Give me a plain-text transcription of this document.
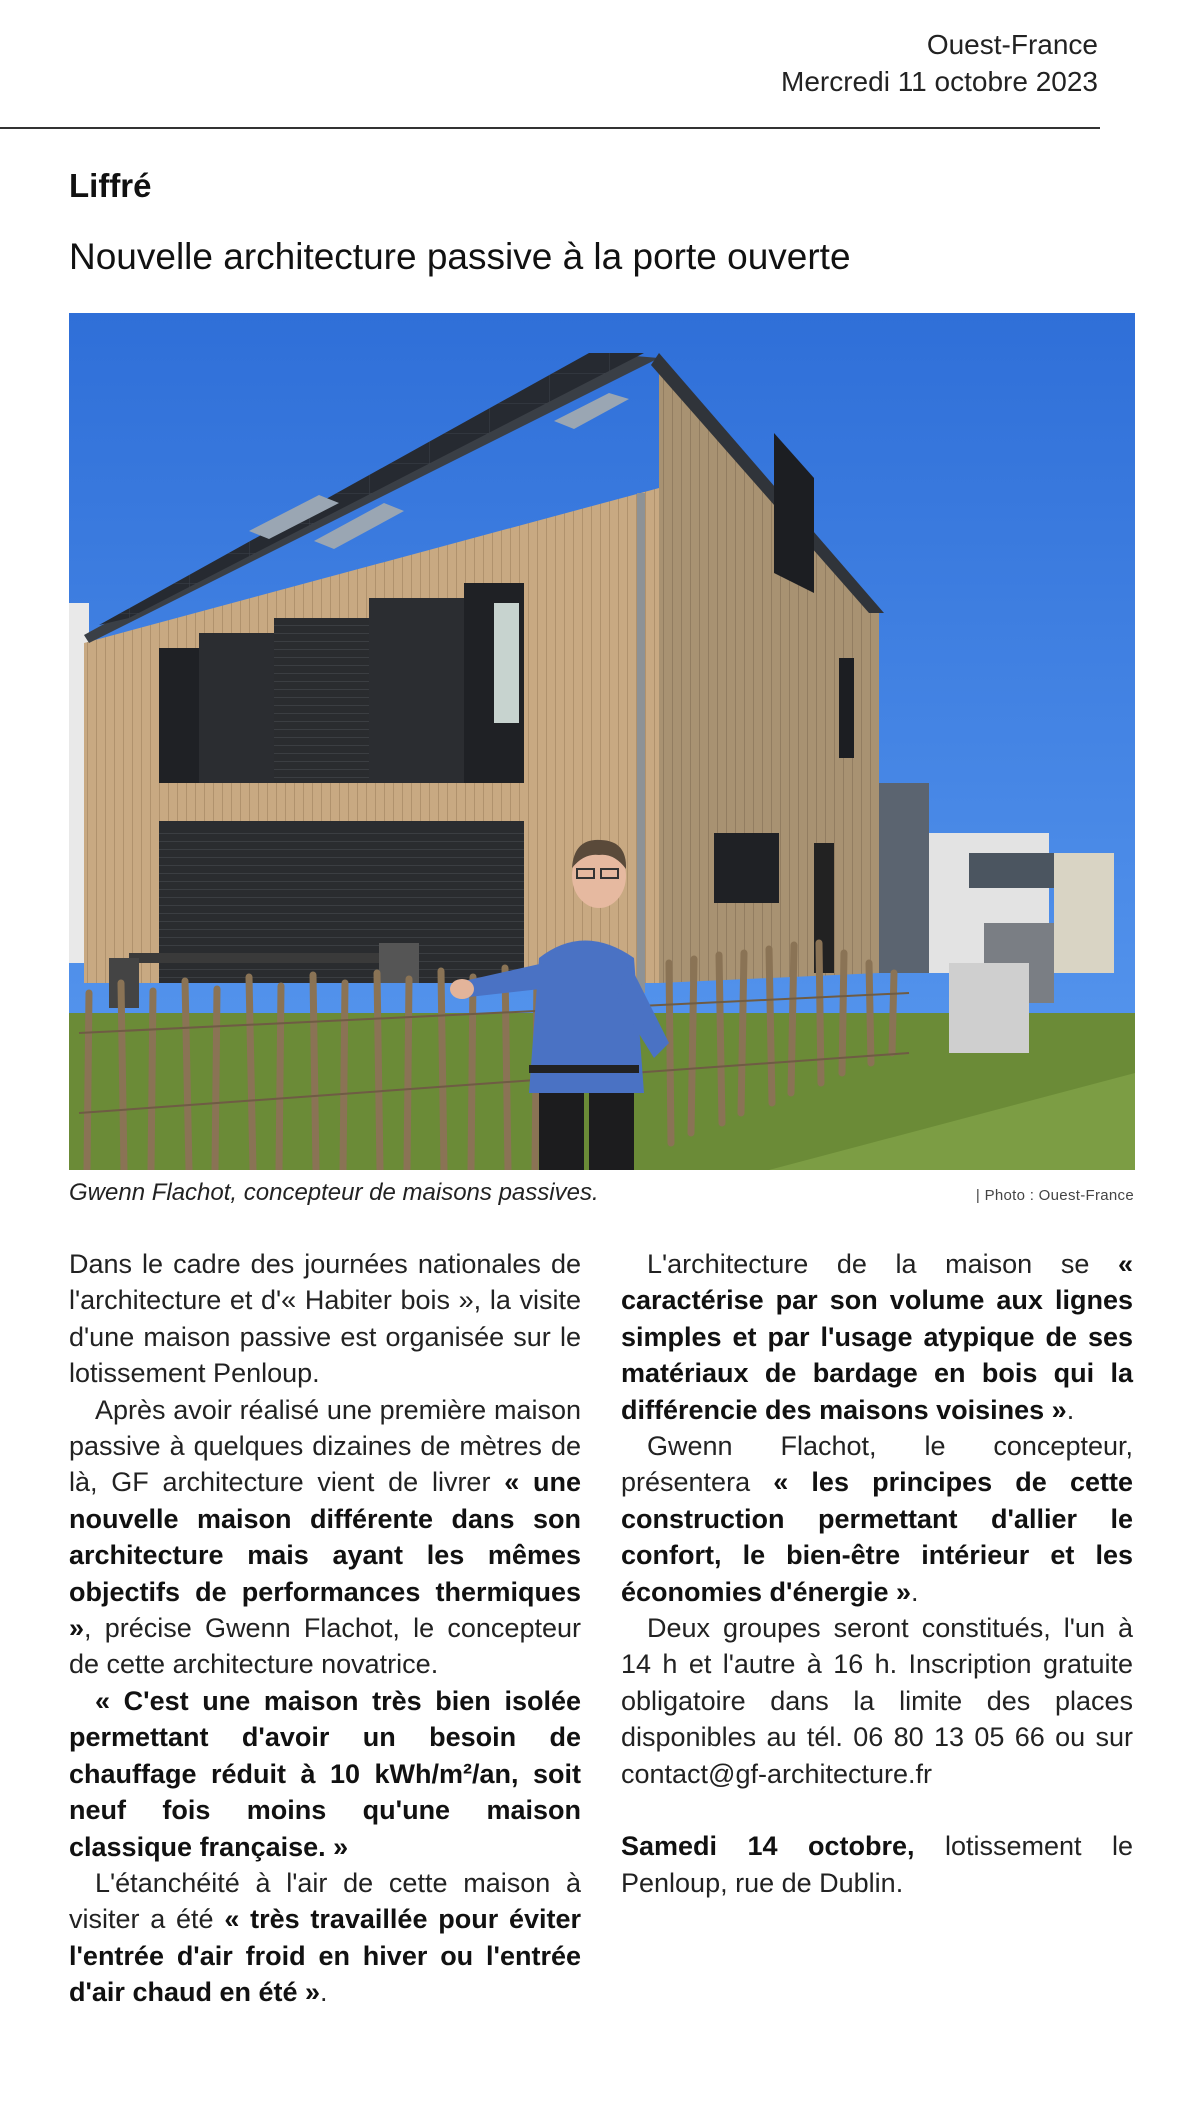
Ouest-France
Mercredi 11 octobre 2023
Liffré
Nouvelle architecture passive à la porte ouverte
Gwenn Flachot, concepteur de maisons passives.	| Photo : Ouest-France

Dans le cadre des journées nationales de l'architecture et d'« Habiter bois », la visite d'une maison passive est organisée sur le lotissement Penloup.

Après avoir réalisé une première maison passive à quelques dizaines de mètres de là, GF architecture vient de livrer « une nouvelle maison différente dans son architecture mais ayant les mêmes objectifs de performances thermiques », précise Gwenn Flachot, le concepteur de cette architecture novatrice.

« C'est une maison très bien isolée permettant d'avoir un besoin de chauffage réduit à 10 kWh/m²/an, soit neuf fois moins qu'une maison classique française. »

L'étanchéité à l'air de cette maison à visiter a été « très travaillée pour éviter l'entrée d'air froid en hiver ou l'entrée d'air chaud en été ».

L'architecture de la maison se « caractérise par son volume aux lignes simples et par l'usage atypique de ses matériaux de bardage en bois qui la différencie des maisons voisines ».

Gwenn Flachot, le concepteur, présentera « les principes de cette construction permettant d'allier le confort, le bien-être intérieur et les économies d'énergie ».

Deux groupes seront constitués, l'un à 14 h et l'autre à 16 h. Inscription gratuite obligatoire dans la limite des places disponibles au tél. 06 80 13 05 66 ou sur contact@gf-architecture.fr

Samedi 14 octobre, lotissement le Penloup, rue de Dublin.
